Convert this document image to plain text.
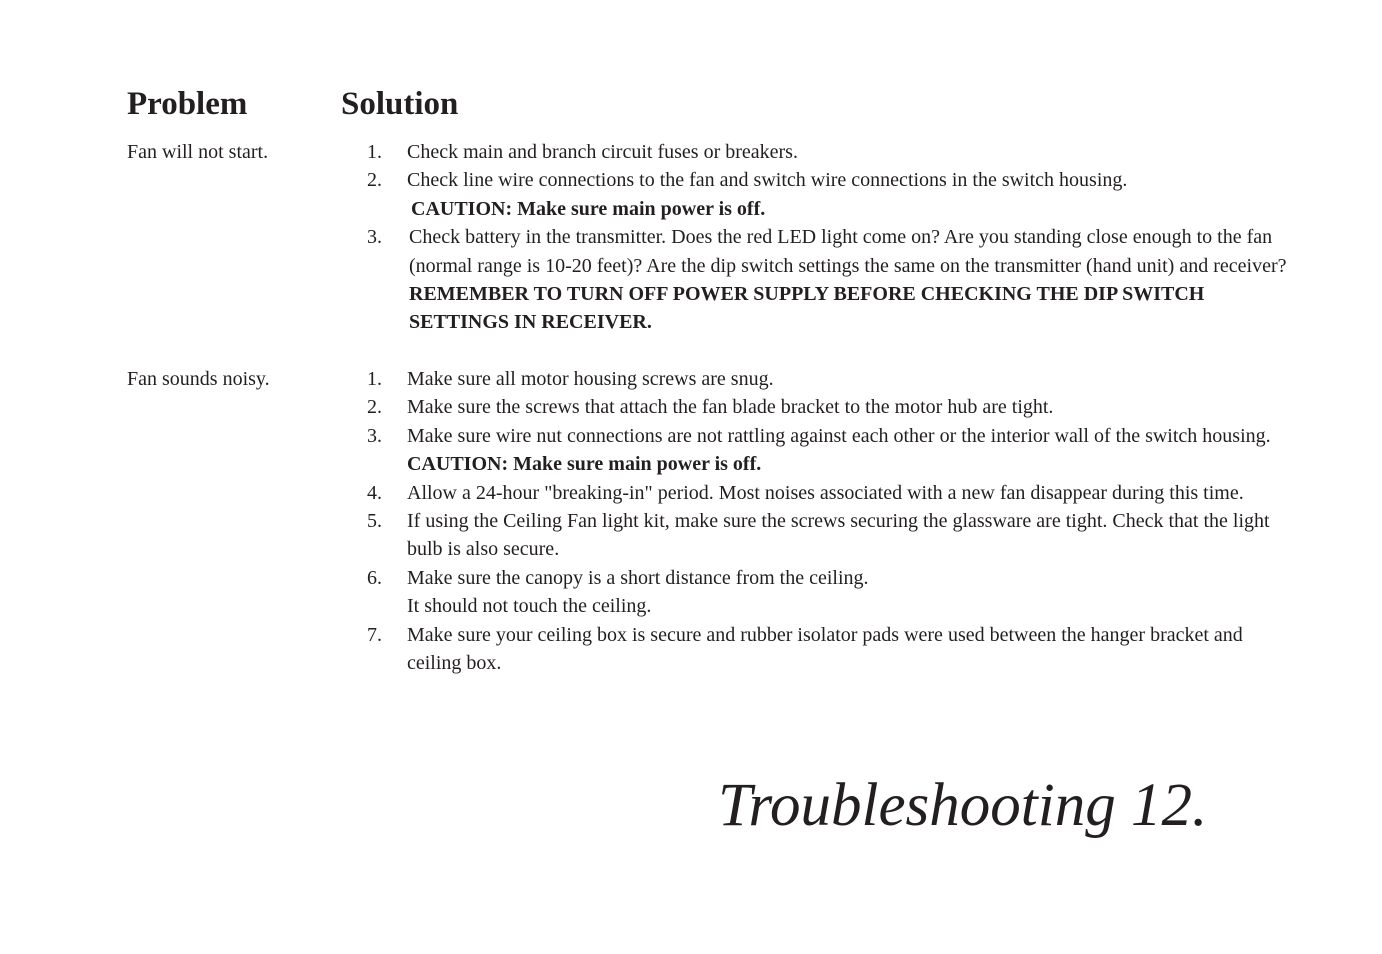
Problem	Solution
Fan will not start.	1. Check main and branch circuit fuses or breakers.
2. Check line wire connections to the fan and switch wire connections in the switch housing.
CAUTION: Make sure main power is off.
3. Check battery in the transmitter. Does the red LED light come on? Are you standing close enough to the fan (normal range is 10-20 feet)? Are the dip switch settings the same on the transmitter (hand unit) and receiver? REMEMBER TO TURN OFF POWER SUPPLY BEFORE CHECKING THE DIP SWITCH SETTINGS IN RECEIVER.
Fan sounds noisy.	1. Make sure all motor housing screws are snug.
2. Make sure the screws that attach the fan blade bracket to the motor hub are tight.
3. Make sure wire nut connections are not rattling against each other or the interior wall of the switch housing.
CAUTION: Make sure main power is off.
4. Allow a 24-hour "breaking-in" period. Most noises associated with a new fan disappear during this time.
5. If using the Ceiling Fan light kit, make sure the screws securing the glassware are tight. Check that the light bulb is also secure.
6. Make sure the canopy is a short distance from the ceiling.
It should not touch the ceiling.
7. Make sure your ceiling box is secure and rubber isolator pads were used between the hanger bracket and ceiling box.
Troubleshooting 12.
